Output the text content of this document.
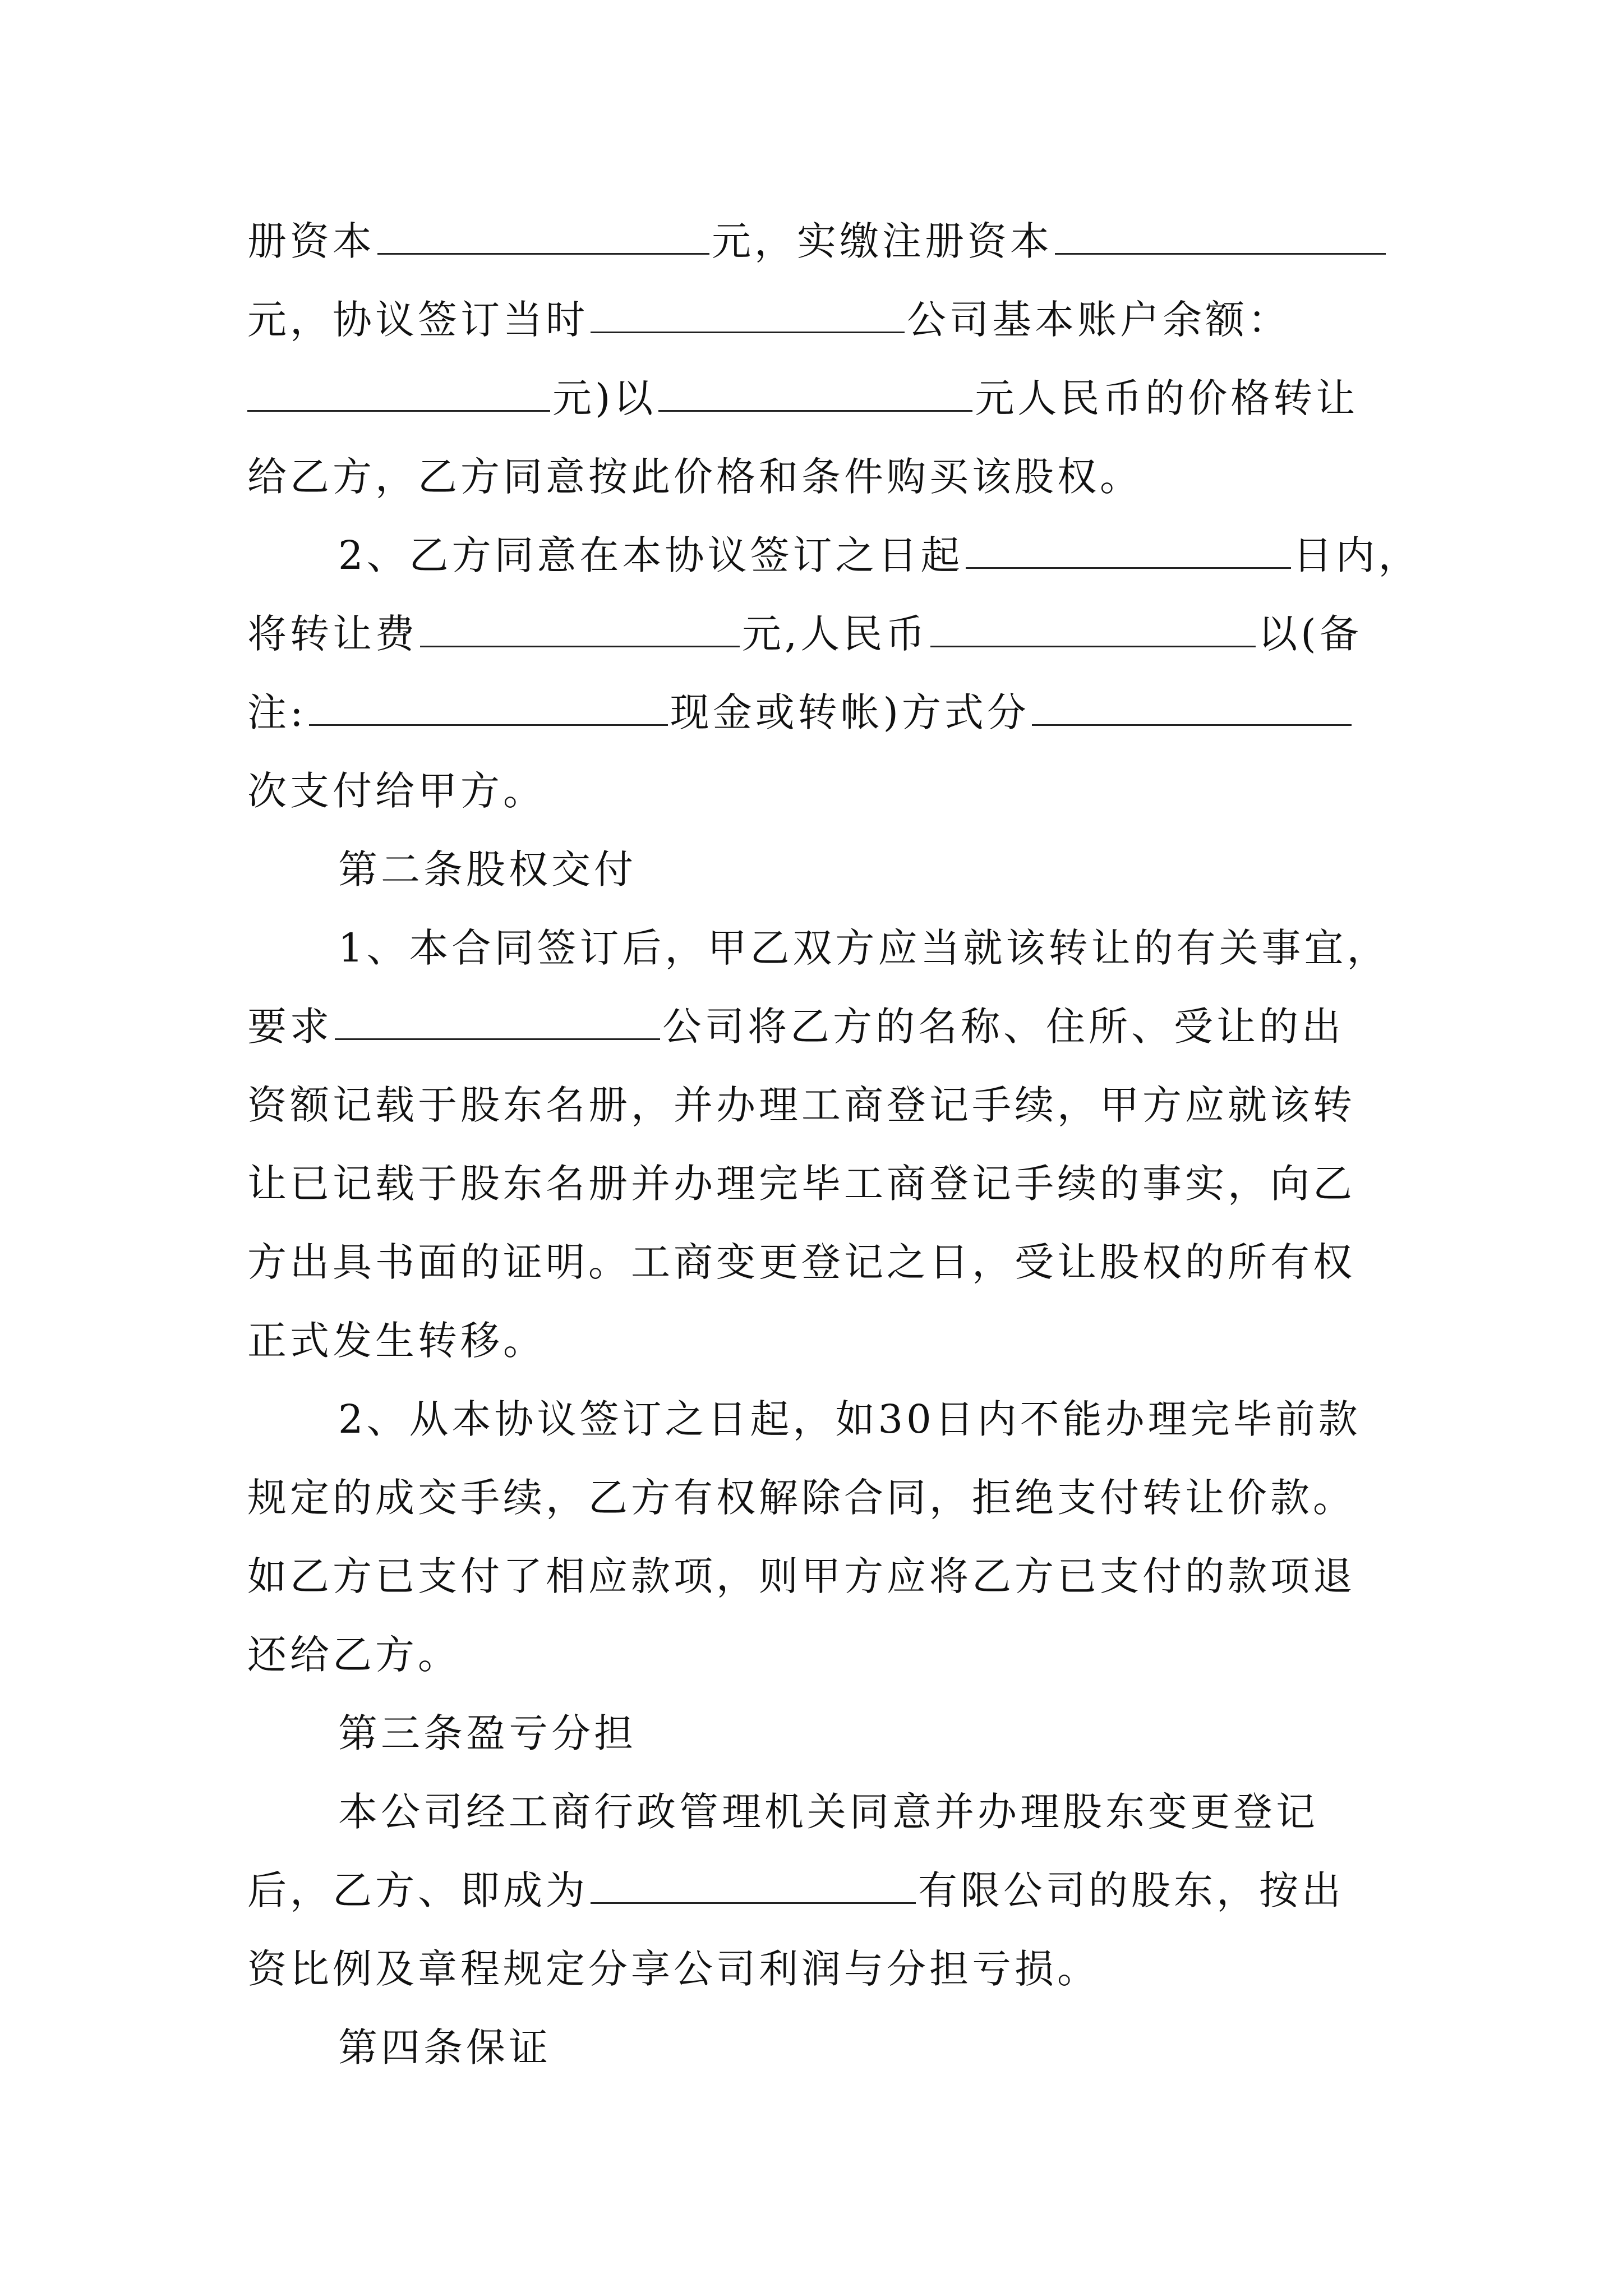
册资本	元，实缴注册资本
元，协议签订当时	公司基本账户余额：
元)以	元人民币的价格转让
给乙方，乙方同意按此价格和条件购买该股权。
2、乙方同意在本协议签订之日起	日内，
将转让费	元,人民币	以(备
注:	现金或转帐)方式分
次支付给甲方。
第二条股权交付
1、本合同签订后，甲乙双方应当就该转让的有关事宜，
要求	公司将乙方的名称、住所、受让的出
资额记载于股东名册，并办理工商登记手续，甲方应就该转
让已记载于股东名册并办理完毕工商登记手续的事实，向乙
方出具书面的证明。工商变更登记之日，受让股权的所有权
正式发生转移。
2、从本协议签订之日起，如30日内不能办理完毕前款
规定的成交手续，乙方有权解除合同，拒绝支付转让价款。
如乙方已支付了相应款项，则甲方应将乙方已支付的款项退
还给乙方。
第三条盈亏分担
本公司经工商行政管理机关同意并办理股东变更登记
后，乙方、即成为	有限公司的股东，按出
资比例及章程规定分享公司利润与分担亏损。
第四条保证
